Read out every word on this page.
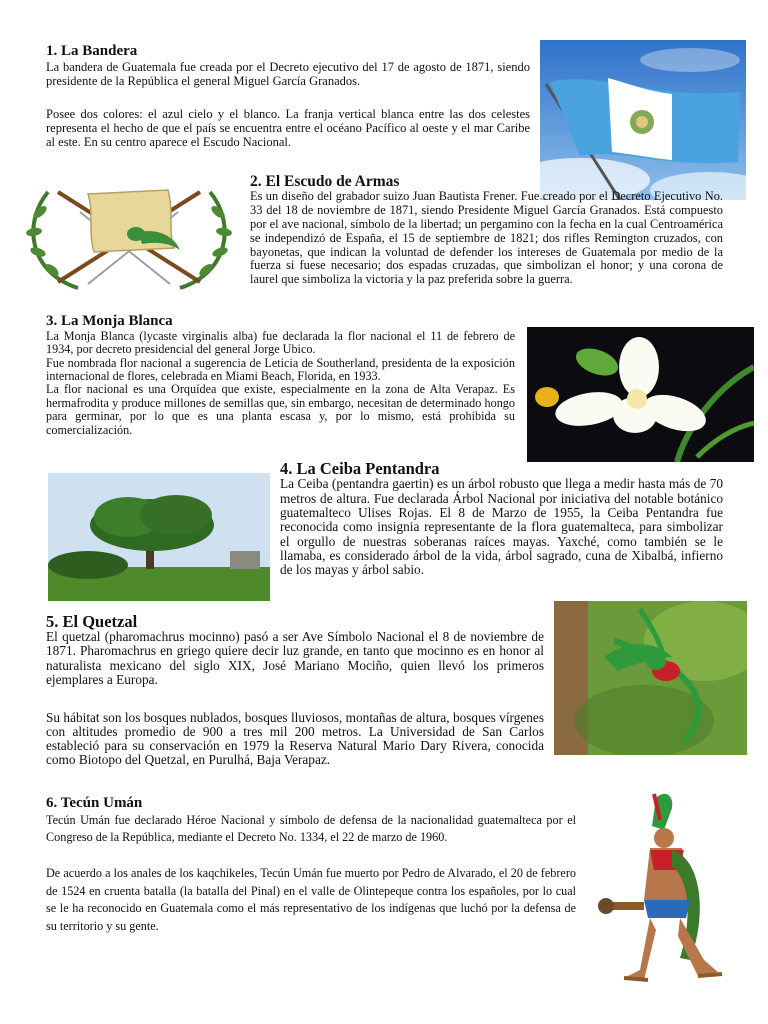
1. La Bandera

La bandera de Guatemala fue creada por el Decreto ejecutivo del 17 de agosto de 1871, siendo presidente de la República el general Miguel García Granados.

Posee dos colores: el azul cielo y el blanco. La franja vertical blanca entre las dos celestes representa el hecho de que el país se encuentra entre el océano Pacífico al oeste y el mar Caribe al este. En su centro aparece el Escudo Nacional.

2. El Escudo de Armas

Es un diseño del grabador suizo Juan Bautista Frener. Fue creado por el Decreto Ejecutivo No. 33 del 18 de noviembre de 1871, siendo Presidente Miguel García Granados. Está compuesto por el ave nacional, símbolo de la libertad; un pergamino con la fecha en la cual Centroamérica se independizó de España, el 15 de septiembre de 1821; dos rifles Remington cruzados, con bayonetas, que indican la voluntad de defender los intereses de Guatemala por medio de la fuerza si fuese necesario; dos espadas cruzadas, que simbolizan el honor; y una corona de laurel que simboliza la victoria y la paz preferida sobre la guerra.

3. La Monja Blanca

La Monja Blanca (lycaste virginalis alba) fue declarada la flor nacional el 11 de febrero de 1934, por decreto presidencial del general Jorge Ubico.

Fue nombrada flor nacional a sugerencia de Leticia de Southerland, presidenta de la exposición internacional de flores, celebrada en Miami Beach, Florida, en 1933.

La flor nacional es una Orquídea que existe, especialmente en la zona de Alta Verapaz. Es hermafrodita y produce millones de semillas que, sin embargo, necesitan de determinado hongo para germinar, por lo que es una planta escasa y, por lo mismo, está prohibida su comercialización.

4. La Ceiba Pentandra

La Ceiba (pentandra gaertin) es un árbol robusto que llega a medir hasta más de 70 metros de altura. Fue declarada Árbol Nacional por iniciativa del notable botánico guatemalteco Ulises Rojas. El 8 de Marzo de 1955, la Ceiba Pentandra fue reconocida como insignia representante de la flora guatemalteca, para simbolizar el orgullo de nuestras soberanas raíces mayas. Yaxché, como también se le llamaba, es considerado árbol de la vida, árbol sagrado, cuna de Xibalbá, infierno de los mayas y árbol sabio.

5. El Quetzal

El quetzal (pharomachrus mocinno) pasó a ser Ave Símbolo Nacional el 8 de noviembre de 1871. Pharomachrus en griego quiere decir luz grande, en tanto que mocinno es en honor al naturalista mexicano del siglo XIX, José Mariano Mociño, quien llevó los primeros ejemplares a Europa.

Su hábitat son los bosques nublados, bosques lluviosos, montañas de altura, bosques vírgenes con altitudes promedio de 900 a tres mil 200 metros. La Universidad de San Carlos estableció para su conservación en 1979 la Reserva Natural Mario Dary Rivera, conocida como Biotopo del Quetzal, en Purulhá, Baja Verapaz.

6. Tecún Umán

Tecún Umán fue declarado Héroe Nacional y símbolo de defensa de la nacionalidad guatemalteca por el Congreso de la República, mediante el Decreto No. 1334, el 22 de marzo de 1960.

De acuerdo a los anales de los kaqchikeles, Tecún Umán fue muerto por Pedro de Alvarado, el 20 de febrero de 1524 en cruenta batalla (la batalla del Pinal) en el valle de Olintepeque contra los españoles, por lo cual se le ha reconocido en Guatemala como el más representativo de los indígenas que luchó por la defensa de su territorio y su gente.
